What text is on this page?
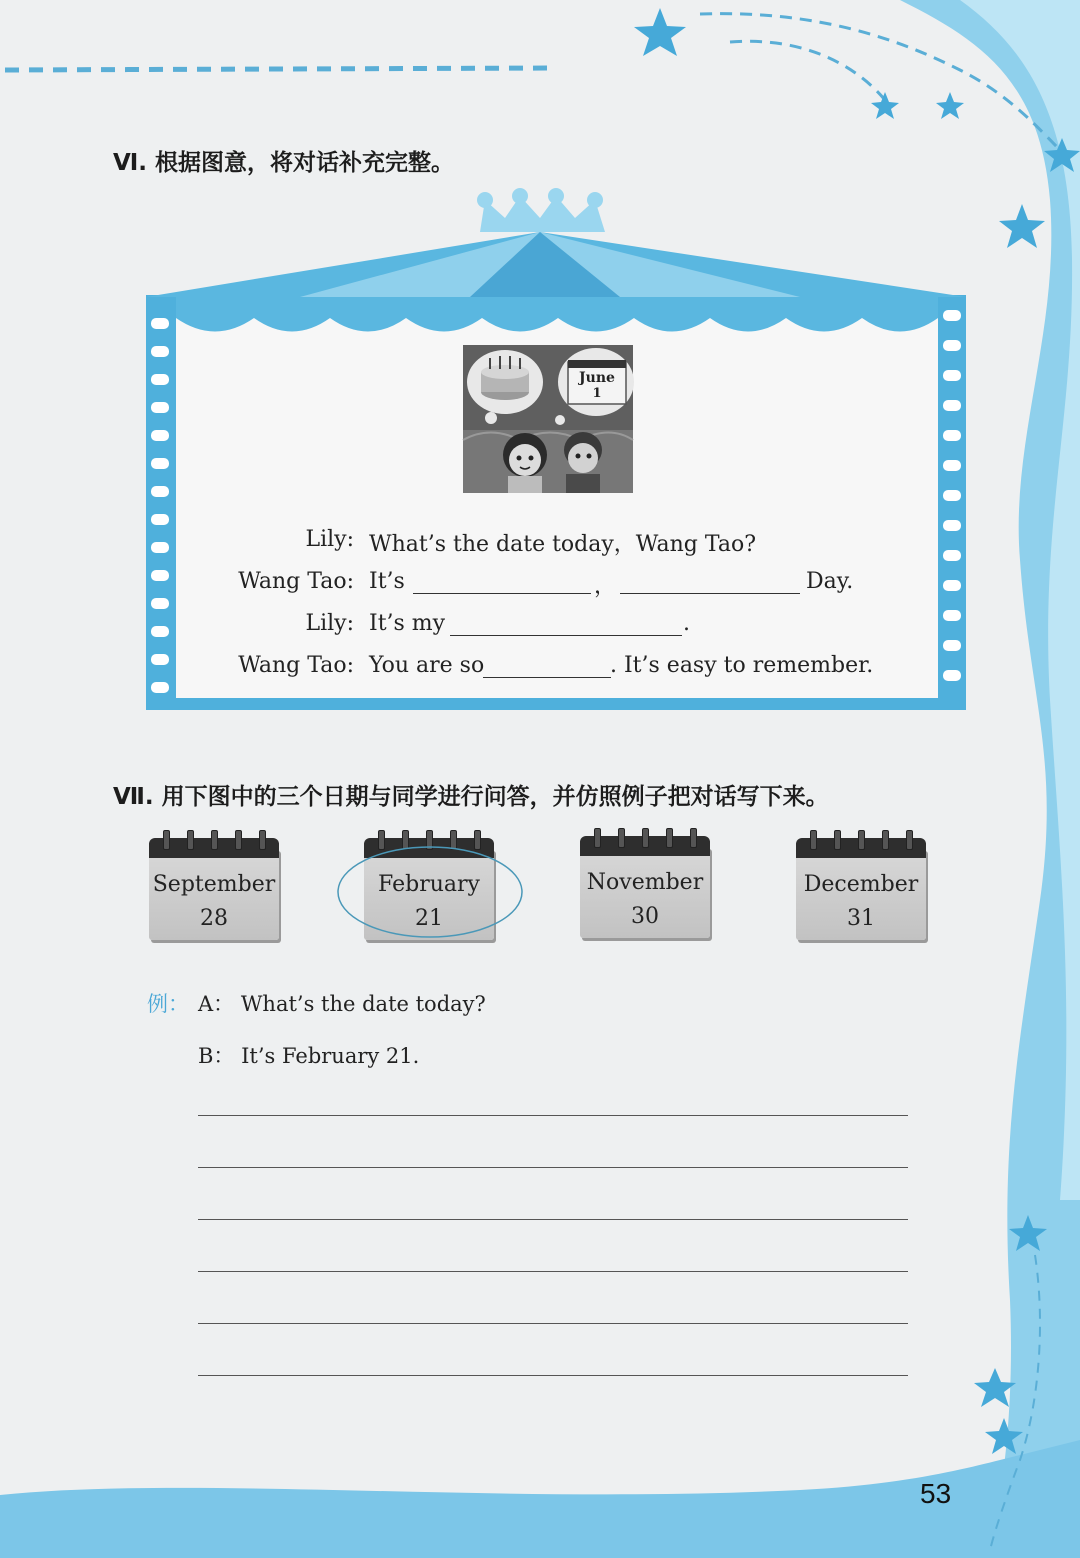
June
1
Ⅵ. 根据图意，将对话补充完整。
Lily: What’s the date today，Wang Tao?
Wang Tao: It’s	，	Day.
Lily: It’s my	.
Wang Tao: You are so	. It’s easy to remember.
Ⅶ. 用下图中的三个日期与同学进行问答，并仿照例子把对话写下来。
September
28
February
21
November
30
December
31
例： A： What’s the date today?
B： It’s February 21.
53
